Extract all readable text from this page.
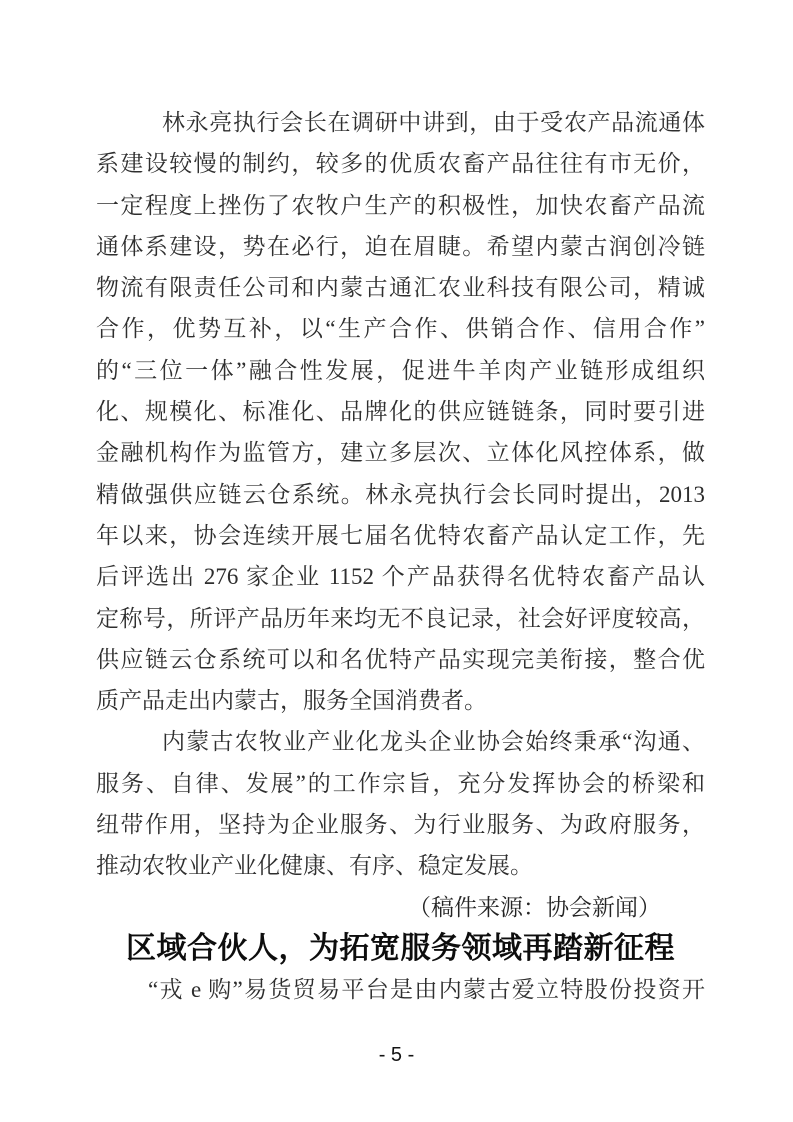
林永亮执行会长在调研中讲到，由于受农产品流通体
系建设较慢的制约，较多的优质农畜产品往往有市无价，
一定程度上挫伤了农牧户生产的积极性，加快农畜产品流
通体系建设，势在必行，迫在眉睫。希望内蒙古润创冷链
物流有限责任公司和内蒙古通汇农业科技有限公司，精诚
合作，优势互补，以“生产合作、供销合作、信用合作”
的“三位一体”融合性发展，促进牛羊肉产业链形成组织
化、规模化、标准化、品牌化的供应链链条，同时要引进
金融机构作为监管方，建立多层次、立体化风控体系，做
精做强供应链云仓系统。林永亮执行会长同时提出，2013
年以来，协会连续开展七届名优特农畜产品认定工作，先
后评选出 276 家企业 1152 个产品获得名优特农畜产品认
定称号，所评产品历年来均无不良记录，社会好评度较高，
供应链云仓系统可以和名优特产品实现完美衔接，整合优
质产品走出内蒙古，服务全国消费者。
内蒙古农牧业产业化龙头企业协会始终秉承“沟通、
服务、自律、发展”的工作宗旨，充分发挥协会的桥梁和
纽带作用，坚持为企业服务、为行业服务、为政府服务，
推动农牧业产业化健康、有序、稳定发展。
（稿件来源：协会新闻）
区域合伙人，为拓宽服务领域再踏新征程
“戎 e 购”易货贸易平台是由内蒙古爱立特股份投资开
- 5 -
